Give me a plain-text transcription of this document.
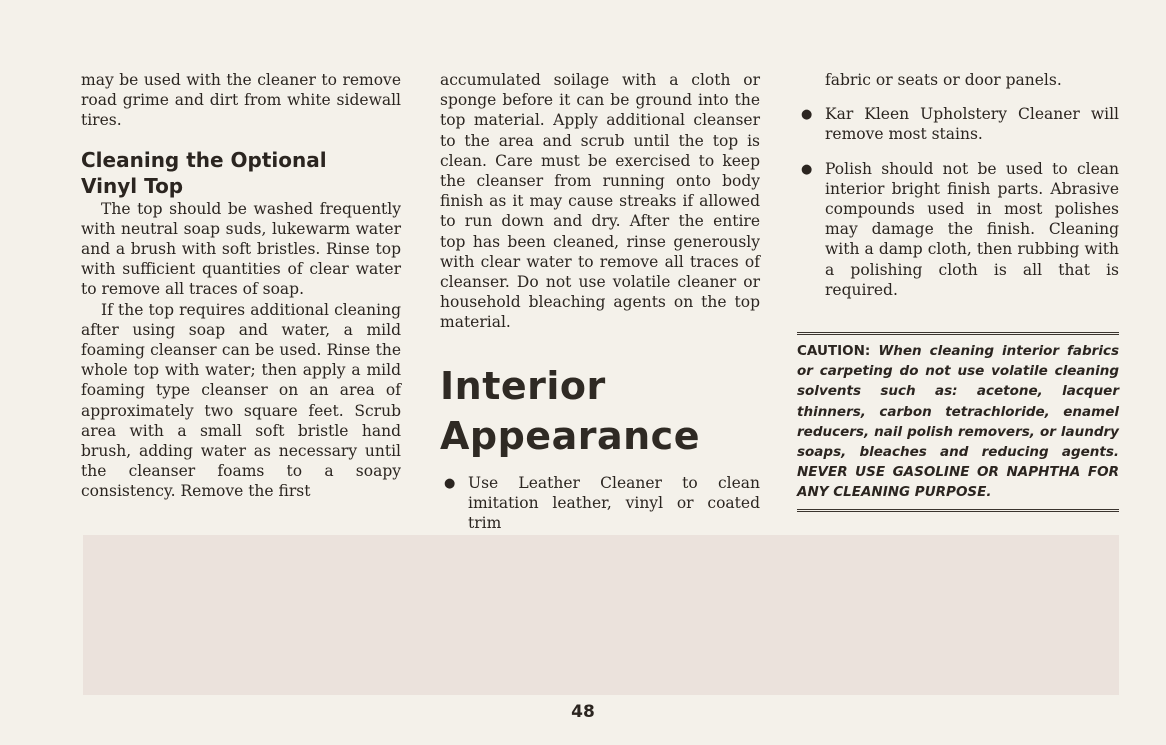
may be used with the cleaner to remove road grime and dirt from white sidewall tires.

Cleaning the Optional
Vinyl Top

The top should be washed frequently with neutral soap suds, lukewarm water and a brush with soft bristles. Rinse top with sufficient quantities of clear water to remove all traces of soap.

If the top requires additional cleaning after using soap and water, a mild foaming cleanser can be used. Rinse the whole top with water; then apply a mild foaming type cleanser on an area of approximately two square feet. Scrub area with a small soft bristle hand brush, adding water as necessary until the cleanser foams to a soapy consistency. Remove the first

accumulated soilage with a cloth or sponge before it can be ground into the top material. Apply additional cleanser to the area and scrub until the top is clean. Care must be exercised to keep the cleanser from running onto body finish as it may cause streaks if allowed to run down and dry. After the entire top has been cleaned, rinse generously with clear water to remove all traces of cleanser. Do not use volatile cleaner or household bleaching agents on the top material.

Interior
Appearance
● Use Leather Cleaner to clean imitation leather, vinyl or coated trim
fabric or seats or door panels.
● Kar Kleen Upholstery Cleaner will remove most stains.
● Polish should not be used to clean interior bright finish parts. Abrasive compounds used in most polishes may damage the finish. Cleaning with a damp cloth, then rubbing with a polishing cloth is all that is required.

CAUTION: When cleaning interior fabrics or carpeting do not use volatile cleaning solvents such as: acetone, lacquer thinners, carbon tetrachloride, enamel reducers, nail polish removers, or laundry soaps, bleaches and reducing agents. NEVER USE GASOLINE OR NAPHTHA FOR ANY CLEANING PURPOSE.

48
